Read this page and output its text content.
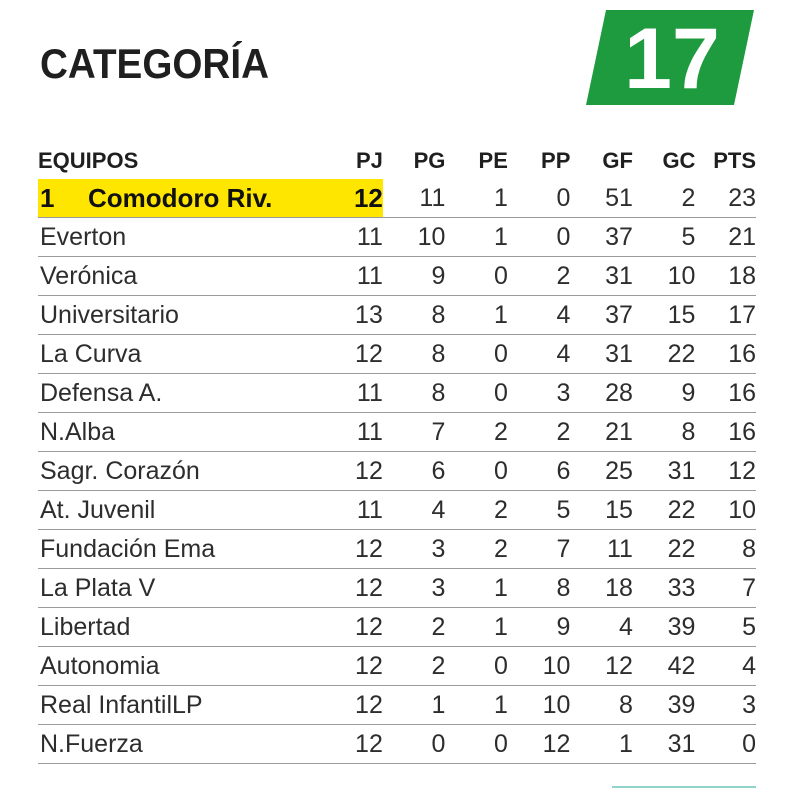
CATEGORÍA	17
EQUIPOS	PJ	PG	PE	PP	GF	GC	PTS
1 Comodoro Riv.	12	11	1	0	51	2	23
Everton	11	10	1	0	37	5	21
Verónica	11	9	0	2	31	10	18
Universitario	13	8	1	4	37	15	17
La Curva	12	8	0	4	31	22	16
Defensa A.	11	8	0	3	28	9	16
N.Alba	11	7	2	2	21	8	16
Sagr. Corazón	12	6	0	6	25	31	12
At. Juvenil	11	4	2	5	15	22	10
Fundación Ema	12	3	2	7	11	22	8
La Plata V	12	3	1	8	18	33	7
Libertad	12	2	1	9	4	39	5
Autonomia	12	2	0	10	12	42	4
Real InfantilLP	12	1	1	10	8	39	3
N.Fuerza	12	0	0	12	1	31	0
